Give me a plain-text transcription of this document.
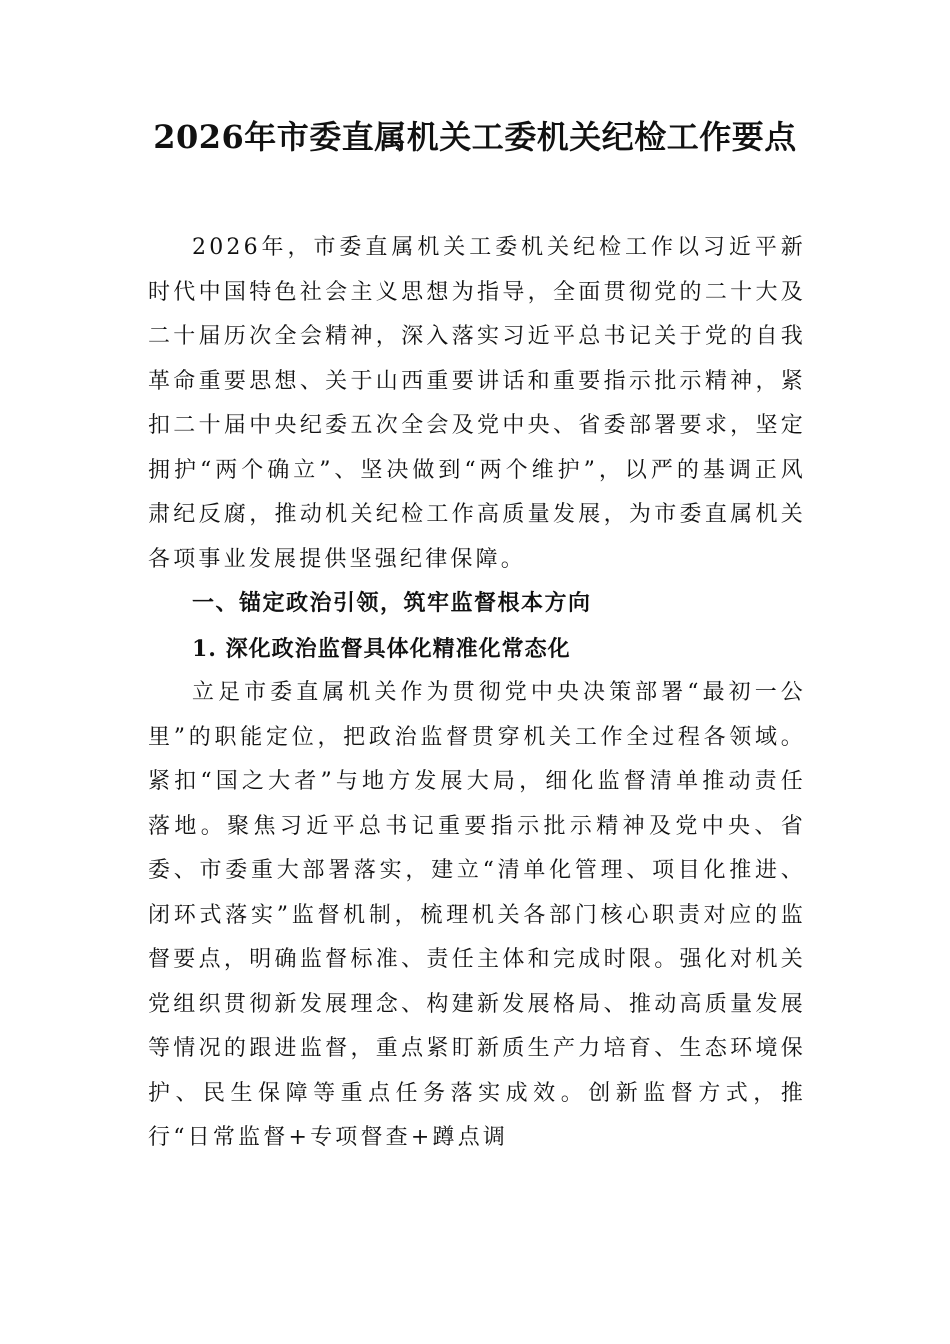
2026年市委直属机关工委机关纪检工作要点

2026年，市委直属机关工委机关纪检工作以习近平新时代中国特色社会主义思想为指导，全面贯彻党的二十大及二十届历次全会精神，深入落实习近平总书记关于党的自我革命重要思想、关于山西重要讲话和重要指示批示精神，紧扣二十届中央纪委五次全会及党中央、省委部署要求，坚定拥护“两个确立”、坚决做到“两个维护”，以严的基调正风肃纪反腐，推动机关纪检工作高质量发展，为市委直属机关各项事业发展提供坚强纪律保障。

一、锚定政治引领，筑牢监督根本方向

1. 深化政治监督具体化精准化常态化

立足市委直属机关作为贯彻党中央决策部署“最初一公里”的职能定位，把政治监督贯穿机关工作全过程各领域。紧扣“国之大者”与地方发展大局，细化监督清单推动责任落地。聚焦习近平总书记重要指示批示精神及党中央、省委、市委重大部署落实，建立“清单化管理、项目化推进、闭环式落实”监督机制，梳理机关各部门核心职责对应的监督要点，明确监督标准、责任主体和完成时限。强化对机关党组织贯彻新发展理念、构建新发展格局、推动高质量发展等情况的跟进监督，重点紧盯新质生产力培育、生态环境保护、民生保障等重点任务落实成效。创新监督方式，推行“日常监督+专项督查+蹲点调
